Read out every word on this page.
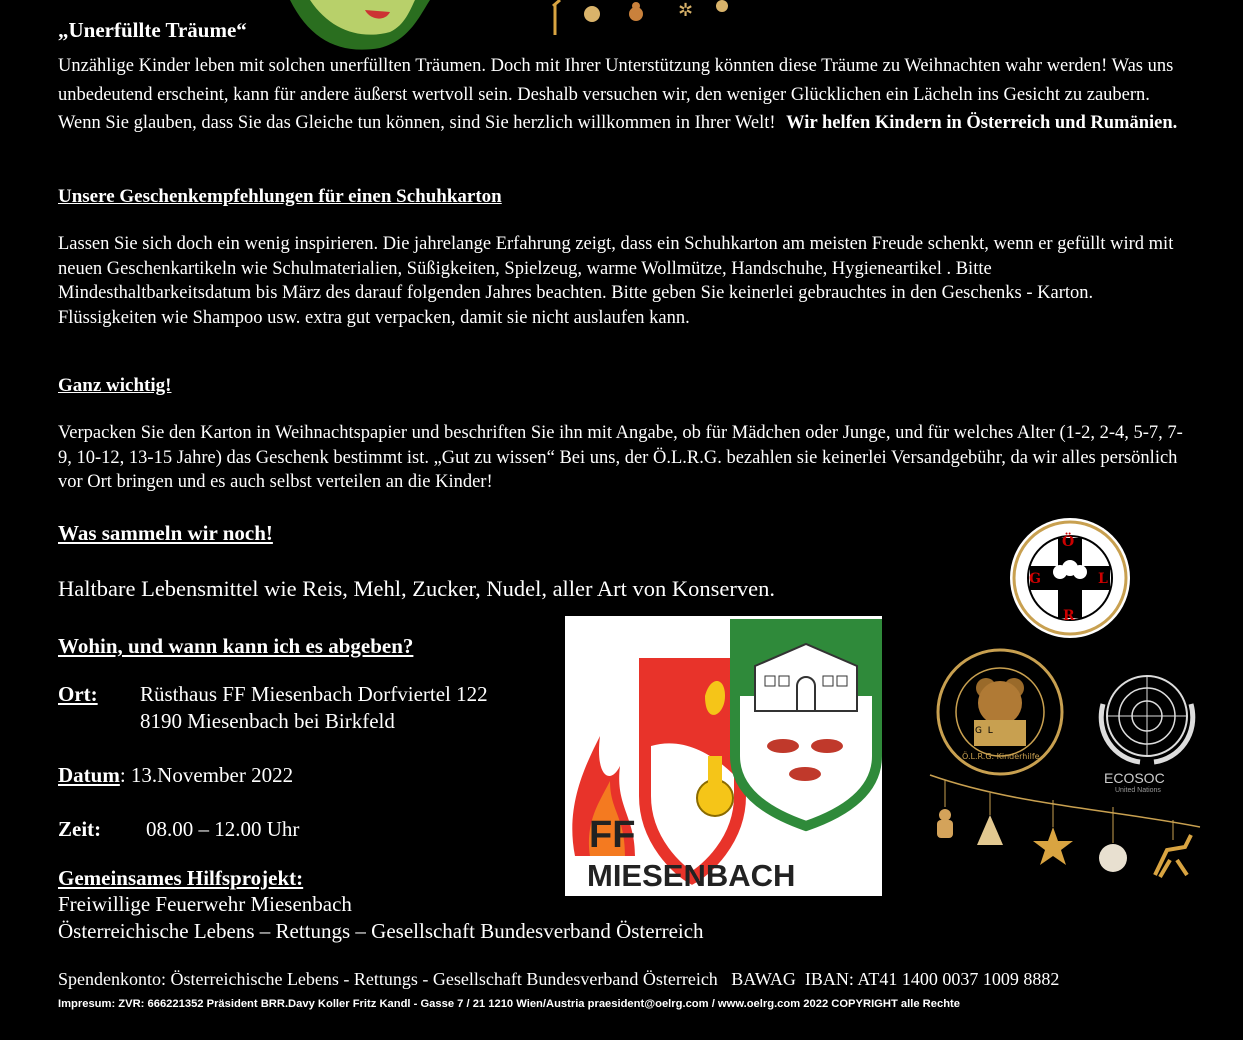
✲
„Unerfüllte Träume“
Unzählige Kinder leben mit solchen unerfüllten Träumen. Doch mit Ihrer Unterstützung könnten diese Träume zu Weihnachten wahr werden! Was uns unbedeutend erscheint, kann für andere äußerst wertvoll sein. Deshalb versuchen wir, den weniger Glücklichen ein Lächeln ins Gesicht zu zaubern. Wenn Sie glauben, dass Sie das Gleiche tun können, sind Sie herzlich willkommen in Ihrer Welt! Wir helfen Kindern in Österreich und Rumänien.
Unsere Geschenkempfehlungen für einen Schuhkarton
Lassen Sie sich doch ein wenig inspirieren. Die jahrelange Erfahrung zeigt, dass ein Schuhkarton am meisten Freude schenkt, wenn er gefüllt wird mit neuen Geschenkartikeln wie Schulmaterialien, Süßigkeiten, Spielzeug, warme Wollmütze, Handschuhe, Hygieneartikel . Bitte Mindesthaltbarkeitsdatum bis März des darauf folgenden Jahres beachten. Bitte geben Sie keinerlei gebrauchtes in den Geschenks - Karton. Flüssigkeiten wie Shampoo usw. extra gut verpacken, damit sie nicht auslaufen kann.
Ganz wichtig!
Verpacken Sie den Karton in Weihnachtspapier und beschriften Sie ihn mit Angabe, ob für Mädchen oder Junge, und für welches Alter (1-2, 2-4, 5-7, 7-9, 10-12, 13-15 Jahre) das Geschenk bestimmt ist. „Gut zu wissen“ Bei uns, der Ö.L.R.G. bezahlen sie keinerlei Versandgebühr, da wir alles persönlich vor Ort bringen und es auch selbst verteilen an die Kinder!
Was sammeln wir noch!
Haltbare Lebensmittel wie Reis, Mehl, Zucker, Nudel, aller Art von Konserven.
Wohin, und wann kann ich es abgeben?
Ort: Rüsthaus FF Miesenbach Dorfviertel 122
8190 Miesenbach bei Birkfeld
Datum: 13.November 2022
Zeit: 08.00 – 12.00 Uhr
Gemeinsames Hilfsprojekt:
Freiwillige Feuerwehr Miesenbach
Österreichische Lebens – Rettungs – Gesellschaft Bundesverband Österreich
Spendenkonto: Österreichische Lebens - Rettungs - Gesellschaft Bundesverband Österreich   BAWAG  IBAN: AT41 1400 0037 1009 8882
Impresum: ZVR: 666221352 Präsident BRR.Davy Koller Fritz Kandl - Gasse 7 / 21 1210 Wien/Austria praesident@oelrg.com / www.oelrg.com 2022 COPYRIGHT alle Rechte
FF
MIESENBACH
Ö
G	L
R
G  L
Ö.L.R.G. Kinderhilfe
ECOSOC
United Nations
